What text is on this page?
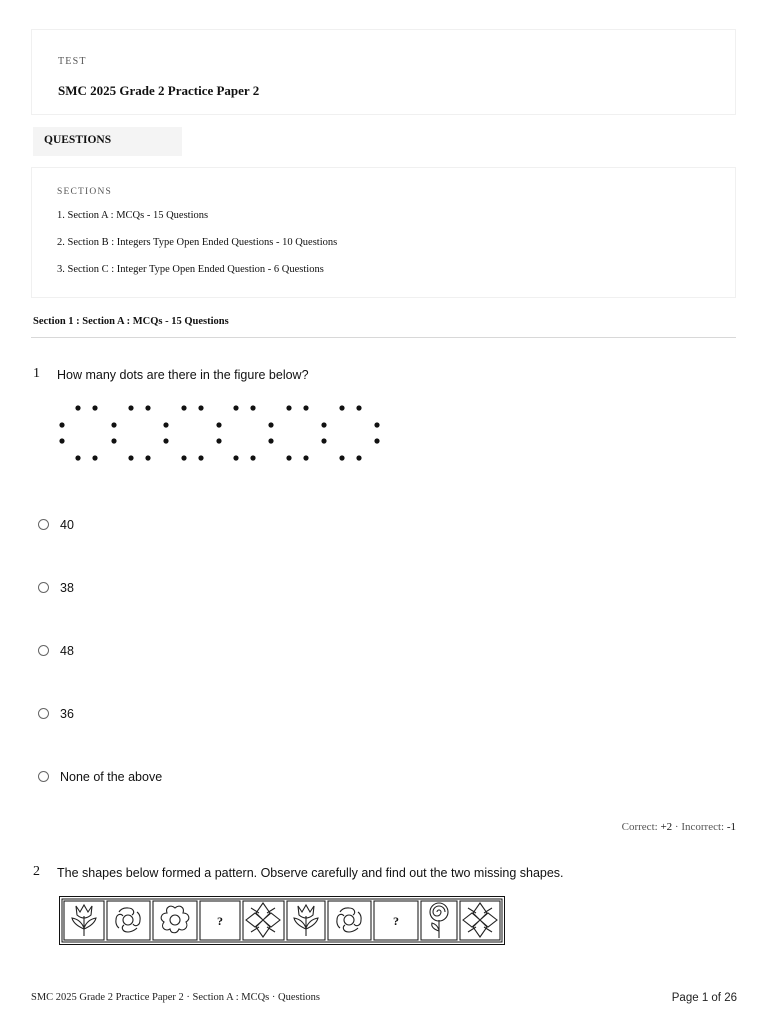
TEST
SMC 2025 Grade 2 Practice Paper 2
QUESTIONS
SECTIONS
1. Section A : MCQs - 15 Questions
2. Section B : Integers Type Open Ended Questions - 10 Questions
3. Section C : Integer Type Open Ended Question - 6 Questions
Section 1 : Section A : MCQs - 15 Questions
1 How many dots are there in the figure below?
40
38
48
36
None of the above
Correct: +2 · Incorrect: -1
2 The shapes below formed a pattern. Observe carefully and find out the two missing shapes.
?	?
SMC 2025 Grade 2 Practice Paper 2 · Section A : MCQs · Questions	Page 1 of 26
